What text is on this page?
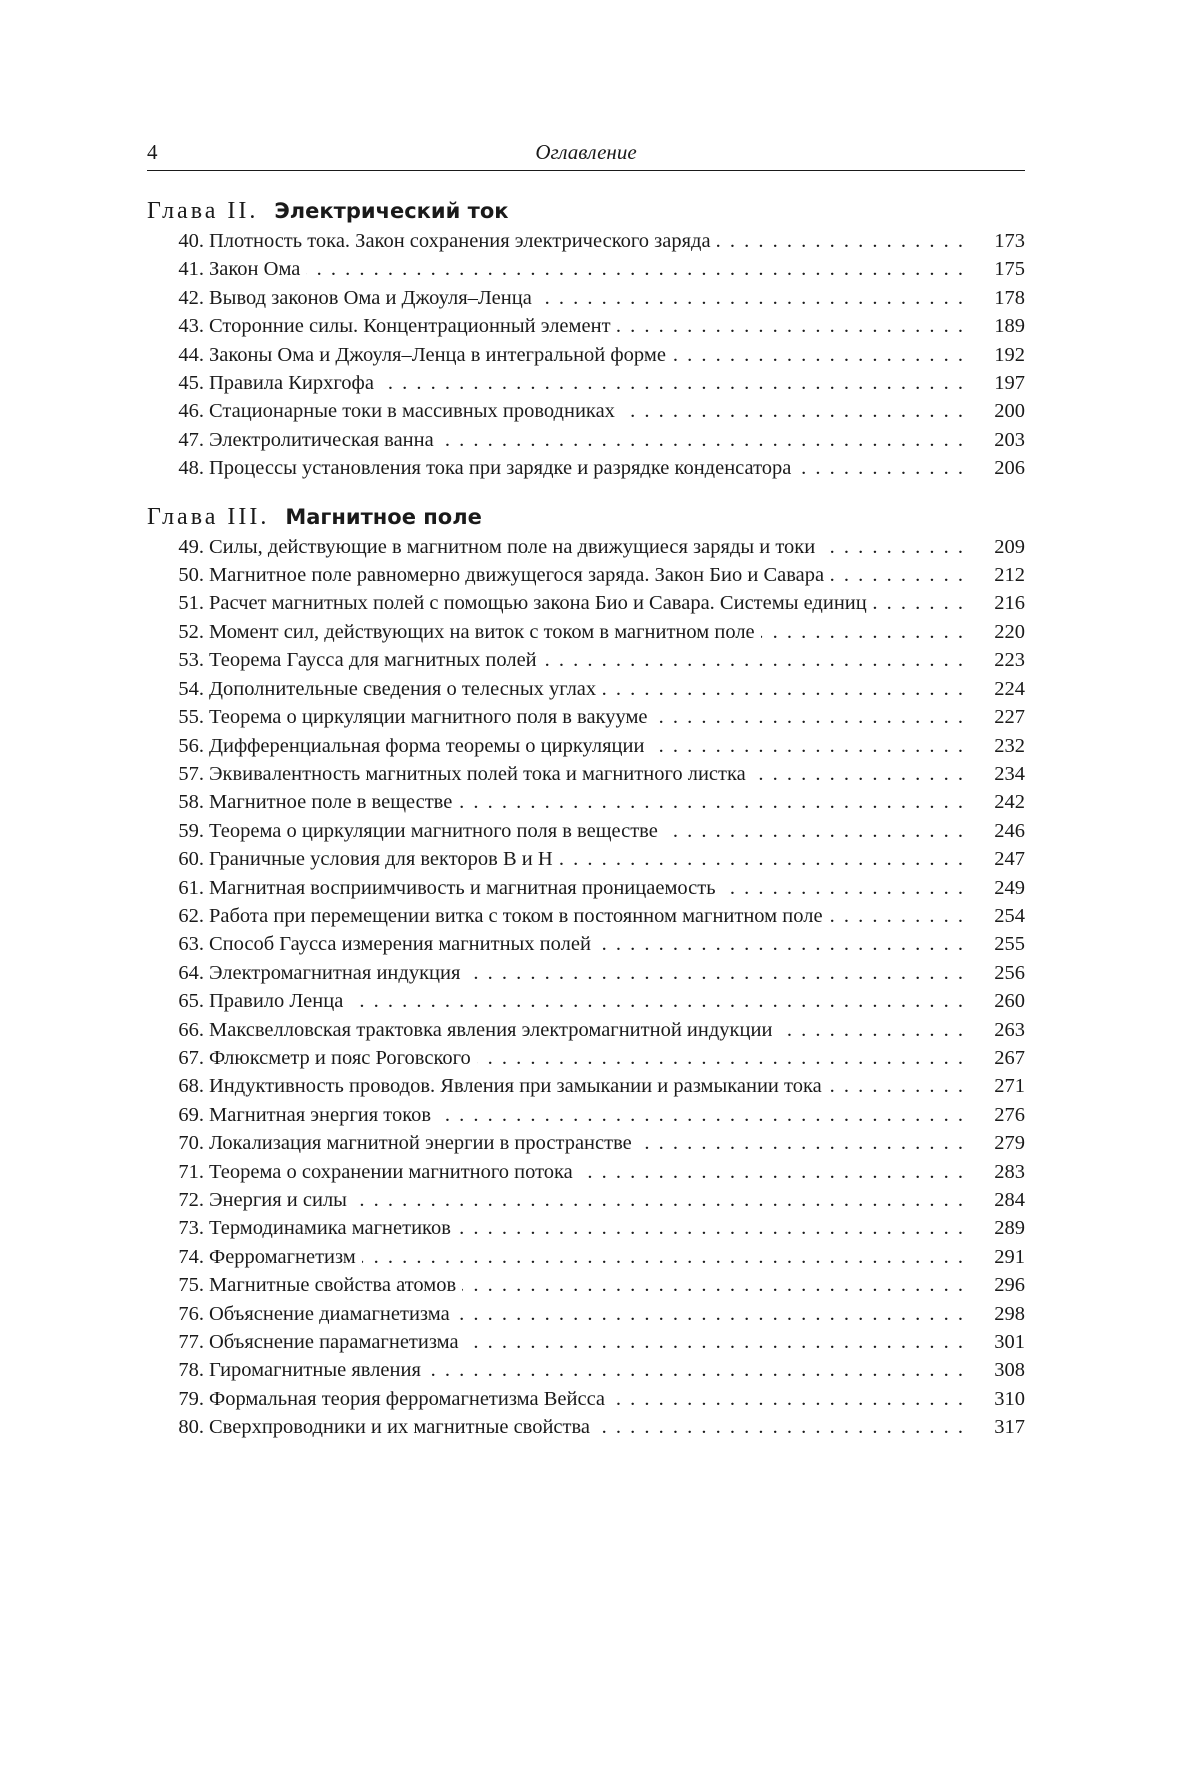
4	Оглавление
Глава II. Электрический ток
40. Плотность тока. Закон сохранения электрического заряда . . .	173
41. Закон Ома . . .	175
42. Вывод законов Ома и Джоуля–Ленца . . .	178
43. Сторонние силы. Концентрационный элемент . . .	189
44. Законы Ома и Джоуля–Ленца в интегральной форме . . .	192
45. Правила Кирхгофа . . .	197
46. Стационарные токи в массивных проводниках . . .	200
47. Электролитическая ванна . . .	203
48. Процессы установления тока при зарядке и разрядке конденсатора . . .	206
Глава III. Магнитное поле
49. Силы, действующие в магнитном поле на движущиеся заряды и токи . . .	209
50. Магнитное поле равномерно движущегося заряда. Закон Био и Савара . . .	212
51. Расчет магнитных полей с помощью закона Био и Савара. Системы единиц . . .	216
52. Момент сил, действующих на виток с током в магнитном поле . . .	220
53. Теорема Гаусса для магнитных полей . . .	223
54. Дополнительные сведения о телесных углах . . .	224
55. Теорема о циркуляции магнитного поля в вакууме . . .	227
56. Дифференциальная форма теоремы о циркуляции . . .	232
57. Эквивалентность магнитных полей тока и магнитного листка . . .	234
58. Магнитное поле в веществе . . .	242
59. Теорема о циркуляции магнитного поля в веществе . . .	246
60. Граничные условия для векторов B и H . . .	247
61. Магнитная восприимчивость и магнитная проницаемость . . .	249
62. Работа при перемещении витка с током в постоянном магнитном поле . . .	254
63. Способ Гаусса измерения магнитных полей . . .	255
64. Электромагнитная индукция . . .	256
65. Правило Ленца . . .	260
66. Максвелловская трактовка явления электромагнитной индукции . . .	263
67. Флюксметр и пояс Роговского . . .	267
68. Индуктивность проводов. Явления при замыкании и размыкании тока . . .	271
69. Магнитная энергия токов . . .	276
70. Локализация магнитной энергии в пространстве . . .	279
71. Теорема о сохранении магнитного потока . . .	283
72. Энергия и силы . . .	284
73. Термодинамика магнетиков . . .	289
74. Ферромагнетизм . . .	291
75. Магнитные свойства атомов . . .	296
76. Объяснение диамагнетизма . . .	298
77. Объяснение парамагнетизма . . .	301
78. Гиромагнитные явления . . .	308
79. Формальная теория ферромагнетизма Вейсса . . .	310
80. Сверхпроводники и их магнитные свойства . . .	317
